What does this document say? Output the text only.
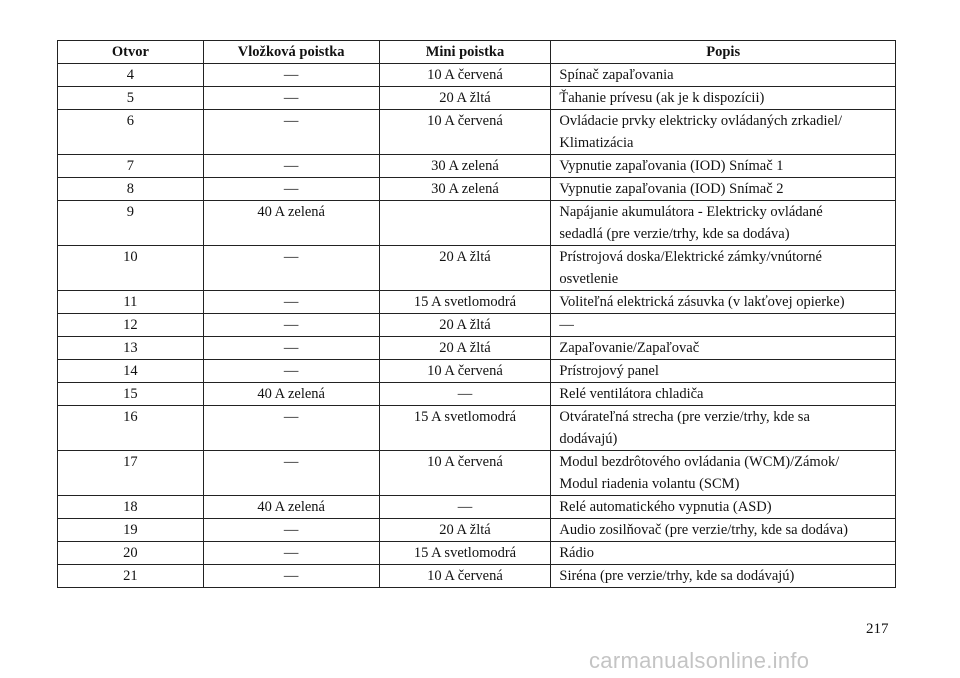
Otvor	Vložková poistka	Mini poistka	Popis
4	—	10 A červená	Spínač zapaľovania

5	—	20 A žltá	Ťahanie prívesu (ak je k dispozícii)

6	—	10 A červená	Ovládacie prvky elektricky ovládaných zrkadiel/
Klimatizácia

7	—	30 A zelená	Vypnutie zapaľovania (IOD) Snímač 1

8	—	30 A zelená	Vypnutie zapaľovania (IOD) Snímač 2

9	40 A zelená		Napájanie akumulátora - Elektricky ovládané
sedadlá (pre verzie/trhy, kde sa dodáva)

10	—	20 A žltá	Prístrojová doska/Elektrické zámky/vnútorné
osvetlenie

11	—	15 A svetlomodrá	Voliteľná elektrická zásuvka (v lakťovej opierke)

12	—	20 A žltá	—

13	—	20 A žltá	Zapaľovanie/Zapaľovač

14	—	10 A červená	Prístrojový panel

15	40 A zelená	—	Relé ventilátora chladiča

16	—	15 A svetlomodrá	Otvárateľná strecha (pre verzie/trhy, kde sa
dodávajú)

17	—	10 A červená	Modul bezdrôtového ovládania (WCM)/Zámok/
Modul riadenia volantu (SCM)

18	40 A zelená	—	Relé automatického vypnutia (ASD)

19	—	20 A žltá	Audio zosilňovač (pre verzie/trhy, kde sa dodáva)

20	—	15 A svetlomodrá	Rádio

21	—	10 A červená	Siréna (pre verzie/trhy, kde sa dodávajú)
217
carmanualsonline.info
